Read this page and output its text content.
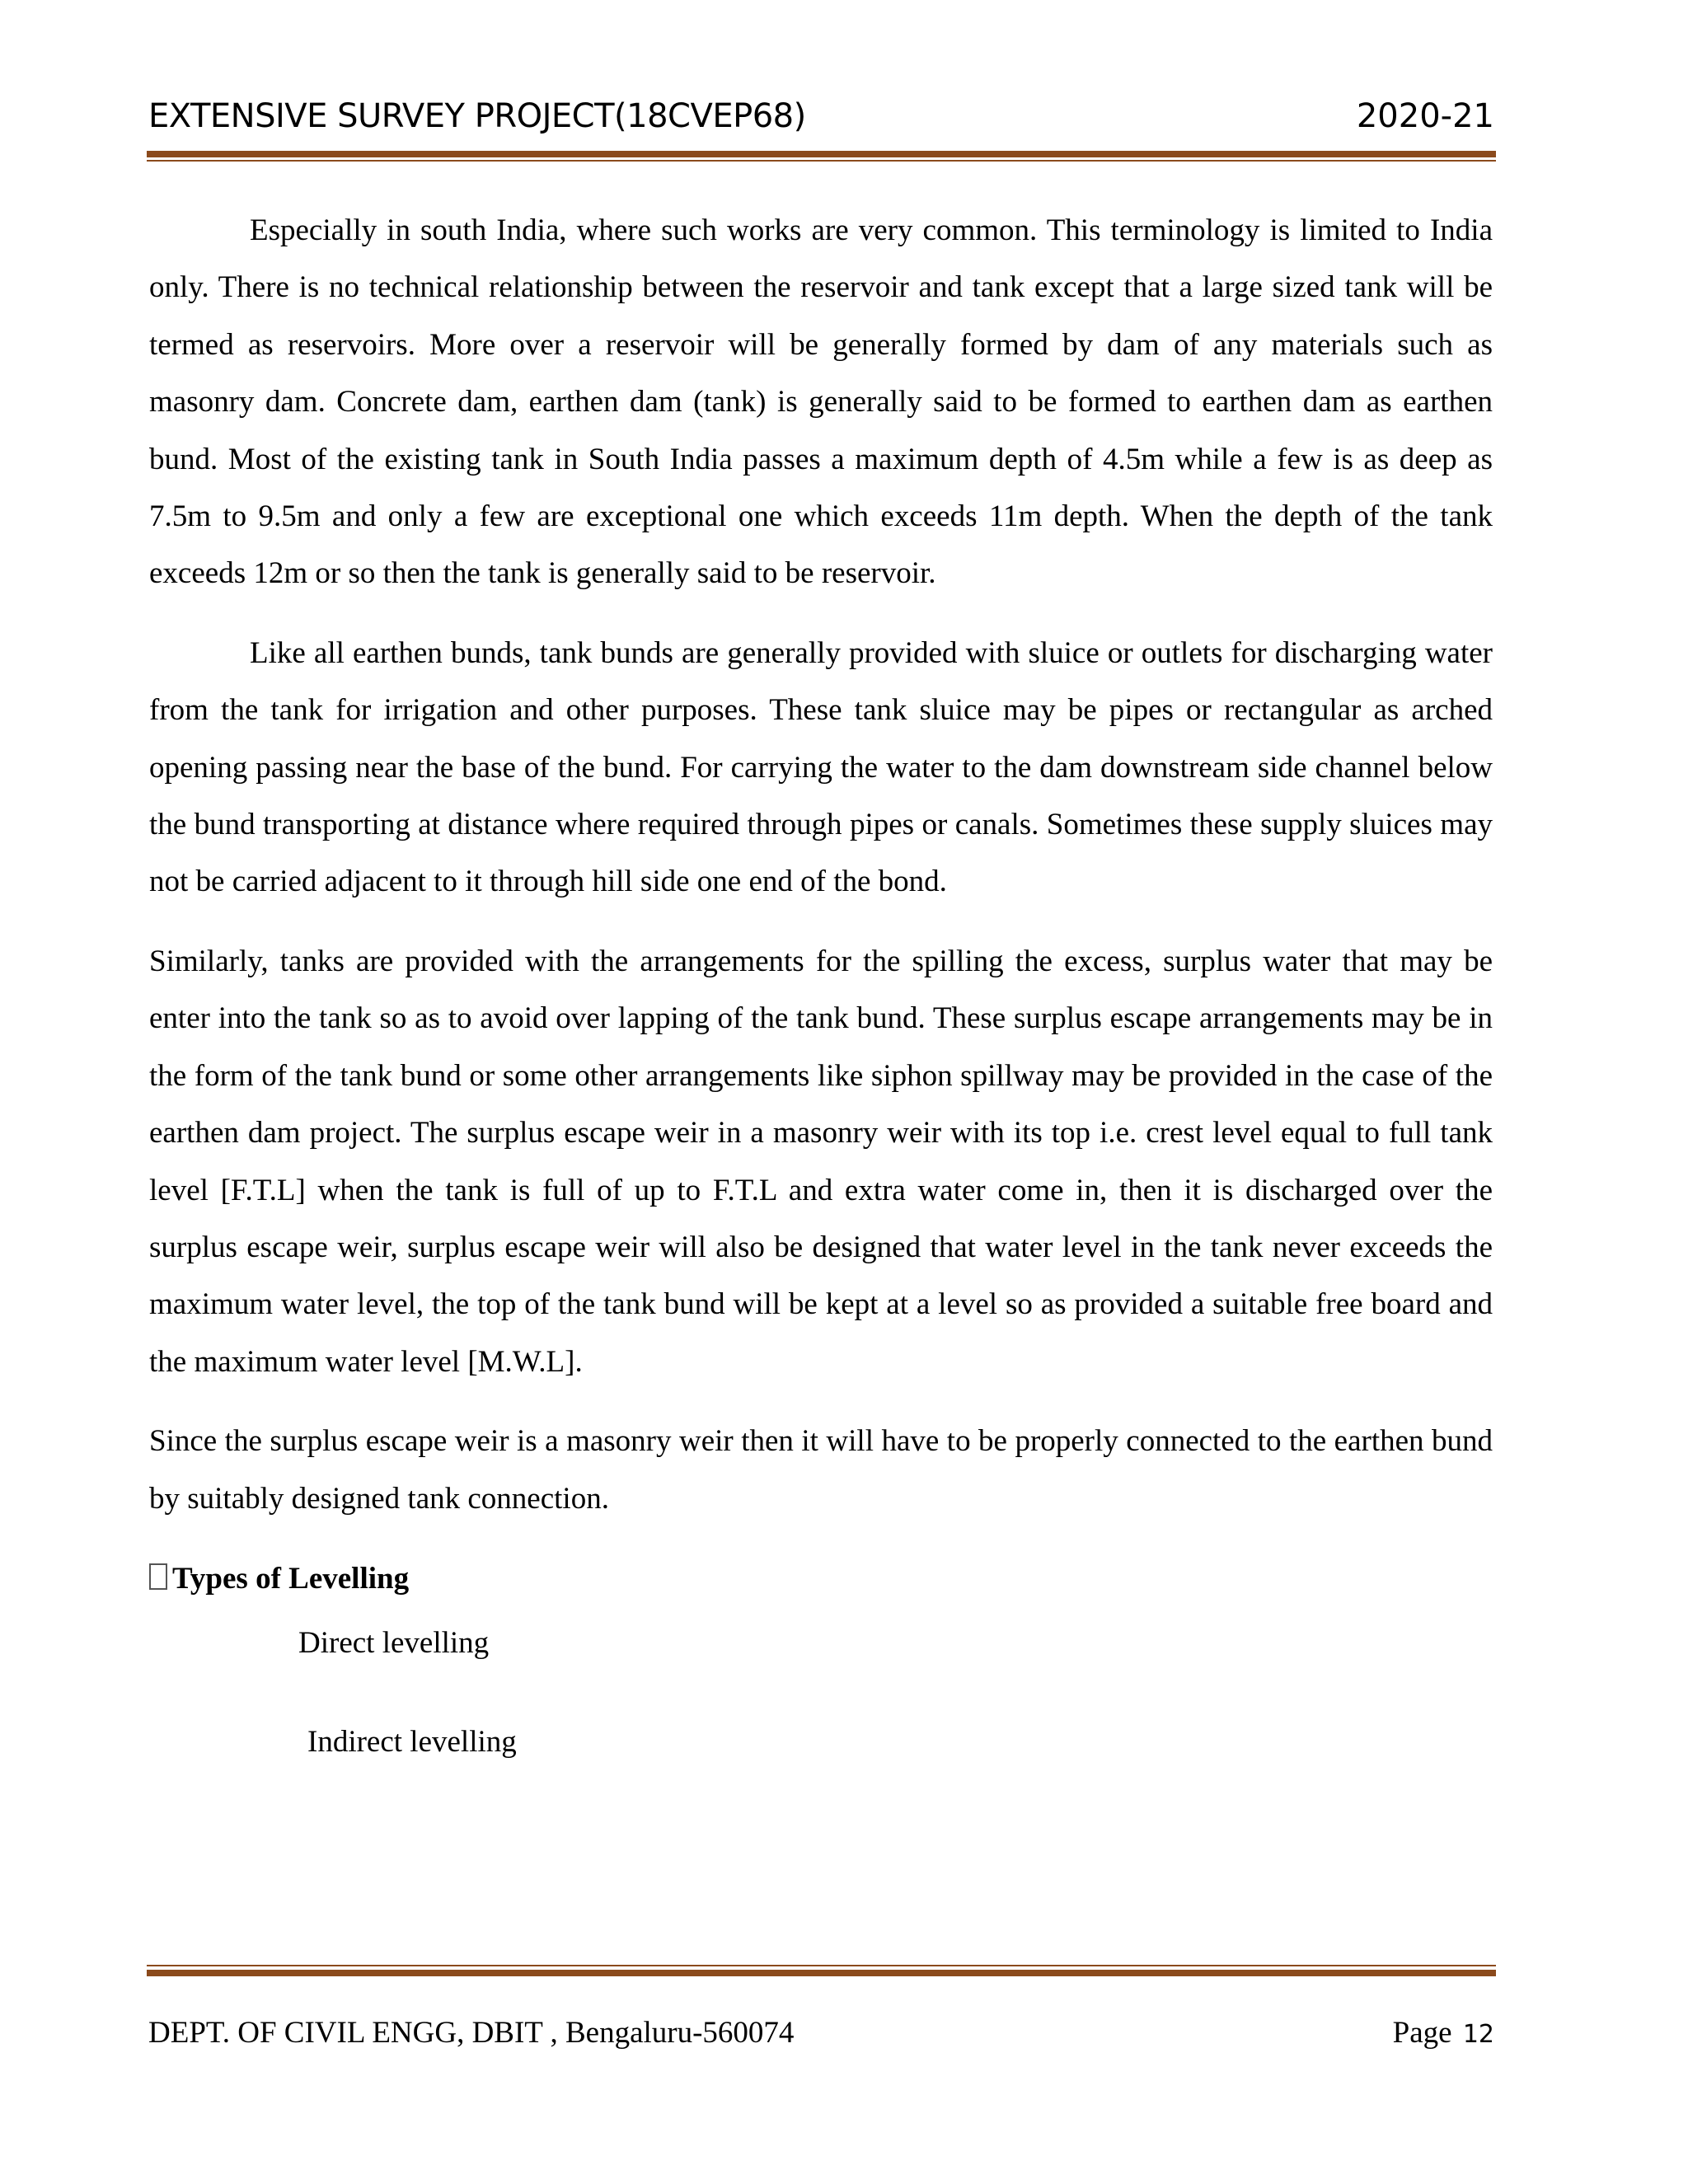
EXTENSIVE SURVEY PROJECT(18CVEP68)	2020-21

Especially in south India, where such works are very common. This terminology is limited to India only. There is no technical relationship between the reservoir and tank except that a large sized tank will be termed as reservoirs. More over a reservoir will be generally formed by dam of any materials such as masonry dam. Concrete dam, earthen dam (tank) is generally said to be formed to earthen dam as earthen bund. Most of the existing tank in South India passes a maximum depth of 4.5m while a few is as deep as 7.5m to 9.5m and only a few are exceptional one which exceeds 11m depth. When the depth of the tank exceeds 12m or so then the tank is generally said to be reservoir.

Like all earthen bunds, tank bunds are generally provided with sluice or outlets for discharging water from the tank for irrigation and other purposes. These tank sluice may be pipes or rectangular as arched opening passing near the base of the bund. For carrying the water to the dam downstream side channel below the bund transporting at distance where required through pipes or canals. Sometimes these supply sluices may not be carried adjacent to it through hill side one end of the bond.

Similarly, tanks are provided with the arrangements for the spilling the excess, surplus water that may be enter into the tank so as to avoid over lapping of the tank bund. These surplus escape arrangements may be in the form of the tank bund or some other arrangements like siphon spillway may be provided in the case of the earthen dam project. The surplus escape weir in a masonry weir with its top i.e. crest level equal to full tank level [F.T.L] when the tank is full of up to F.T.L and extra water come in, then it is discharged over the surplus escape weir, surplus escape weir will also be designed that water level in the tank never exceeds the maximum water level, the top of the tank bund will be kept at a level so as provided a suitable free board and the maximum water level [M.W.L].

Since the surplus escape weir is a masonry weir then it will have to be properly connected to the earthen bund by suitably designed tank connection.

Types of Levelling

Direct levelling

Indirect levelling

DEPT. OF CIVIL ENGG, DBIT , Bengaluru-560074	Page 12
